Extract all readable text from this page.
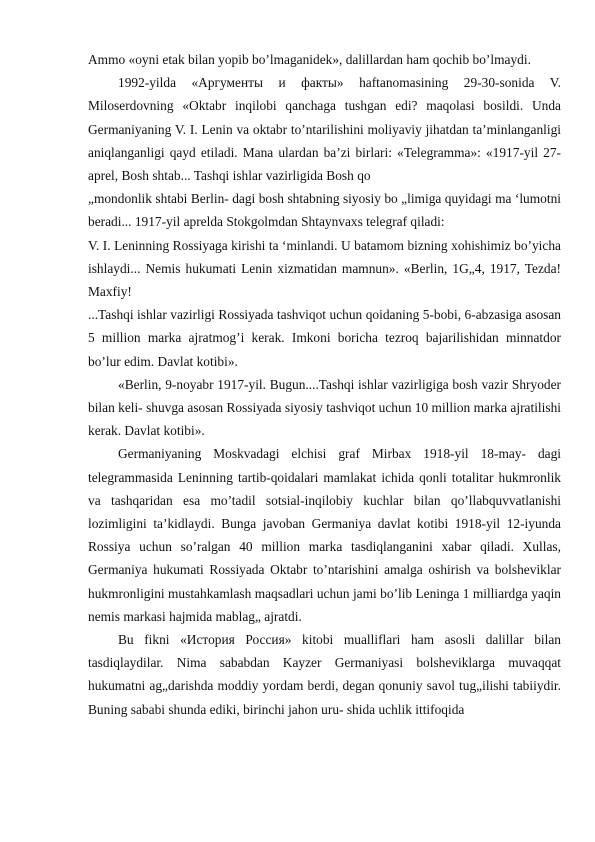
Ammo «oyni etak bilan yopib bo’lmaganidek», dalillardan ham qochib bo’lmaydi.

1992-yilda «Аргументы и факты» haftanomasining 29-30-sonida V. Miloserdovning «Oktabr inqilobi qanchaga tushgan edi? maqolasi bosildi. Unda Germaniyaning V. I. Lenin va oktabr to’ntarilishini moliyaviy jihatdan ta’minlanganligi aniqlanganligi qayd etiladi. Mana ulardan ba’zi birlari: «Telegramma»: «1917-yil 27-aprel, Bosh shtab... Tashqi ishlar vazirligida Bosh qo

„mondonlik shtabi Berlin- dagi bosh shtabning siyosiy bo „limiga quyidagi ma ‘lumotni beradi... 1917-yil aprelda Stokgolmdan Shtaynvaxs telegraf qiladi:

V. I. Leninning Rossiyaga kirishi ta ‘minlandi. U batamom bizning xohishimiz bo’yicha ishlaydi... Nemis hukumati Lenin xizmatidan mamnun». «Berlin, 1G„4, 1917, Tezda! Maxfiy!

...Tashqi ishlar vazirligi Rossiyada tashviqot uchun qoidaning 5-bobi, 6-abzasiga asosan 5 million marka ajratmog’i kerak. Imkoni boricha tezroq bajarilishidan minnatdor bo’lur edim. Davlat kotibi».

«Berlin, 9-noyabr 1917-yil. Bugun....Tashqi ishlar vazirligiga bosh vazir Shryoder bilan keli- shuvga asosan Rossiyada siyosiy tashviqot uchun 10 million marka ajratilishi kerak. Davlat kotibi».

Germaniyaning Moskvadagi elchisi graf Mirbax 1918-yil 18-may- dagi telegrammasida Leninning tartib-qoidalari mamlakat ichida qonli totalitar hukmronlik va tashqaridan esa mo’tadil sotsial-inqilobiy kuchlar bilan qo’llabquvvatlanishi lozimligini ta’kidlaydi. Bunga javoban Germaniya davlat kotibi 1918-yil 12-iyunda Rossiya uchun so’ralgan 40 million marka tasdiqlanganini xabar qiladi. Xullas, Germaniya hukumati Rossiyada Oktabr to’ntarishini amalga oshirish va bolsheviklar hukmronligini mustahkamlash maqsadlari uchun jami bo’lib Leninga 1 milliardga yaqin nemis markasi hajmida mablag„ ajratdi.

Bu fikni «История Россия» kitobi mualliflari ham asosli dalillar bilan tasdiqlaydilar. Nima sababdan Kayzer Germaniyasi bolsheviklarga muvaqqat hukumatni ag„darishda moddiy yordam berdi, degan qonuniy savol tug„ilishi tabiiydir. Buning sababi shunda ediki, birinchi jahon uru- shida uchlik ittifoqida
